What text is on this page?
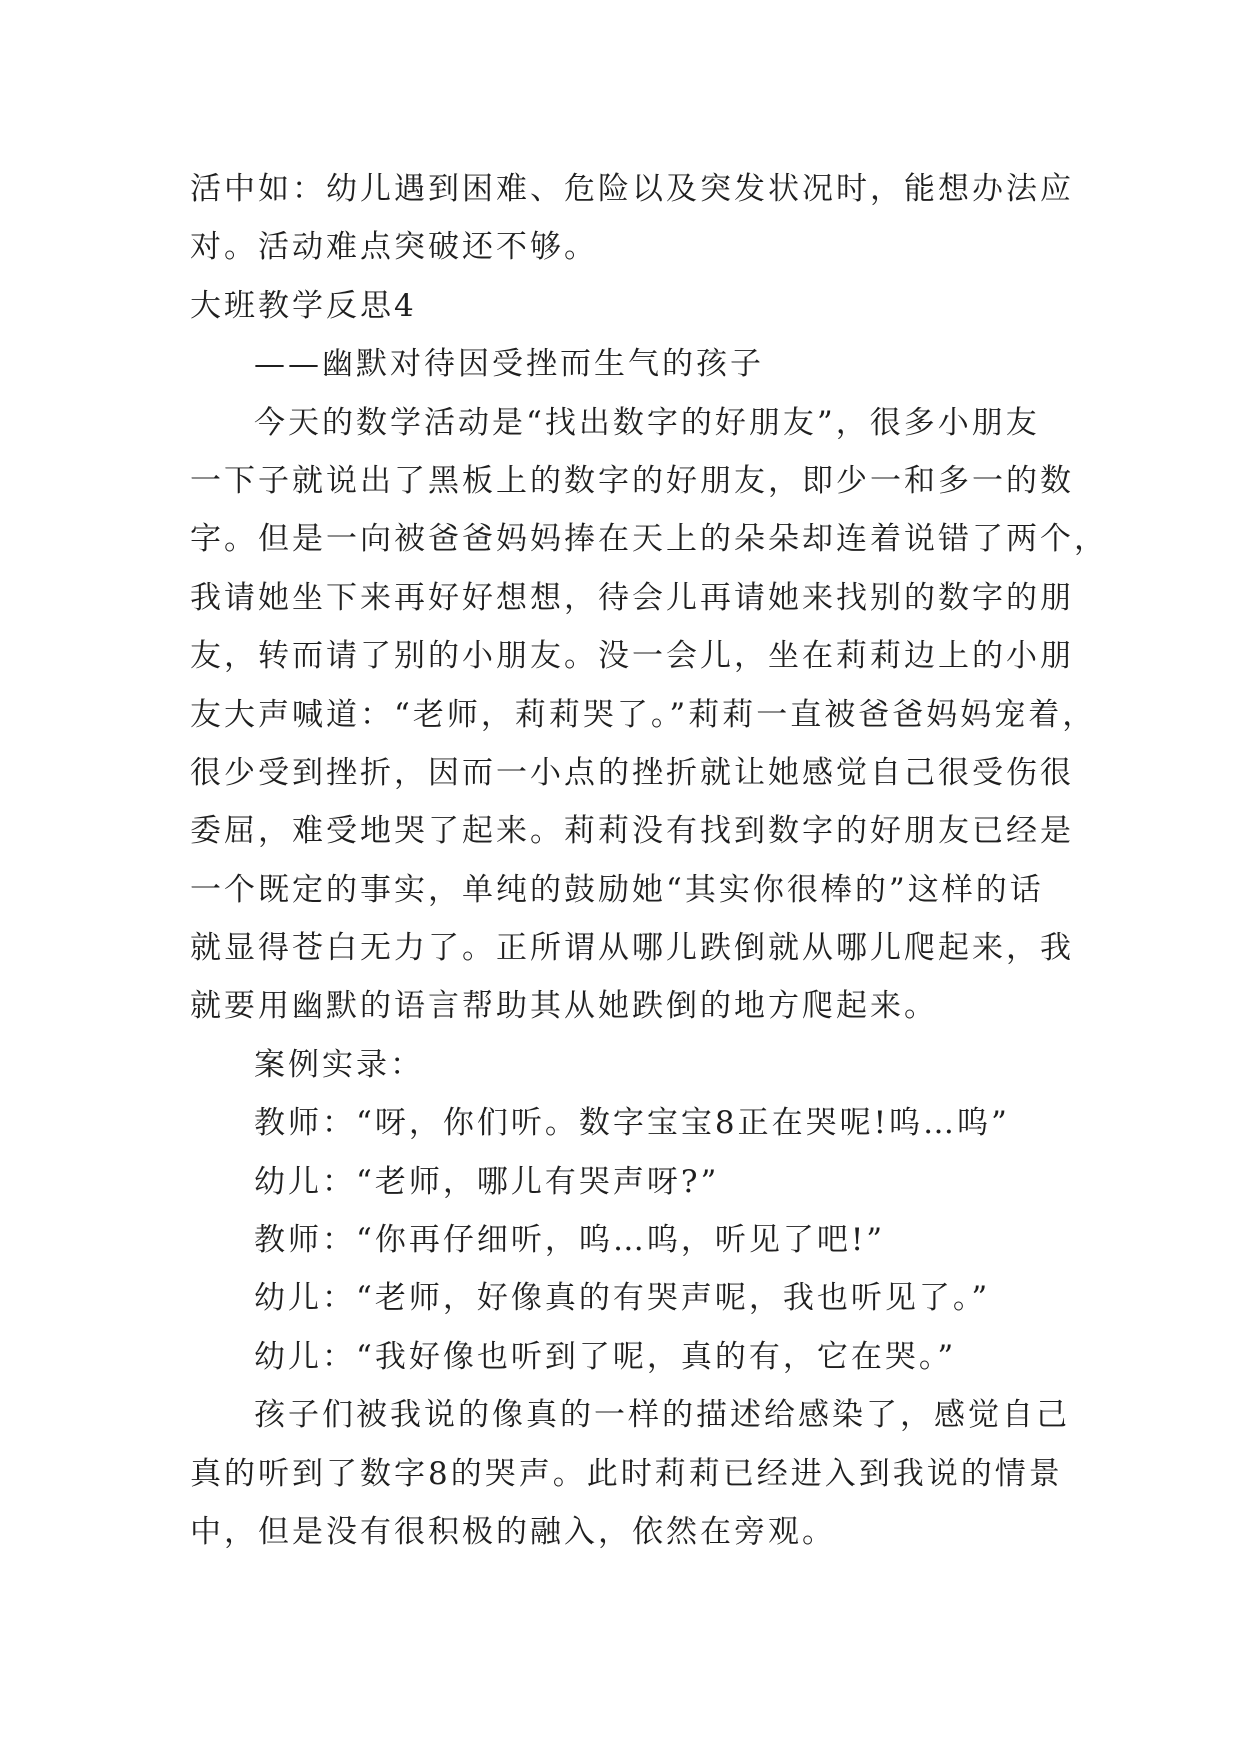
活中如：幼儿遇到困难、危险以及突发状况时，能想办法应
对。活动难点突破还不够。
大班教学反思4
——幽默对待因受挫而生气的孩子
今天的数学活动是“找出数字的好朋友”，很多小朋友
一下子就说出了黑板上的数字的好朋友，即少一和多一的数
字。但是一向被爸爸妈妈捧在天上的朵朵却连着说错了两个，
我请她坐下来再好好想想，待会儿再请她来找别的数字的朋
友，转而请了别的小朋友。没一会儿，坐在莉莉边上的小朋
友大声喊道：“老师，莉莉哭了。”莉莉一直被爸爸妈妈宠着，
很少受到挫折，因而一小点的挫折就让她感觉自己很受伤很
委屈，难受地哭了起来。莉莉没有找到数字的好朋友已经是
一个既定的事实，单纯的鼓励她“其实你很棒的”这样的话
就显得苍白无力了。正所谓从哪儿跌倒就从哪儿爬起来，我
就要用幽默的语言帮助其从她跌倒的地方爬起来。
案例实录：
教师：“呀，你们听。数字宝宝8正在哭呢!呜…呜”
幼儿：“老师，哪儿有哭声呀?”
教师：“你再仔细听，呜…呜，听见了吧!”
幼儿：“老师，好像真的有哭声呢，我也听见了。”
幼儿：“我好像也听到了呢，真的有，它在哭。”
孩子们被我说的像真的一样的描述给感染了，感觉自己
真的听到了数字8的哭声。此时莉莉已经进入到我说的情景
中，但是没有很积极的融入，依然在旁观。
